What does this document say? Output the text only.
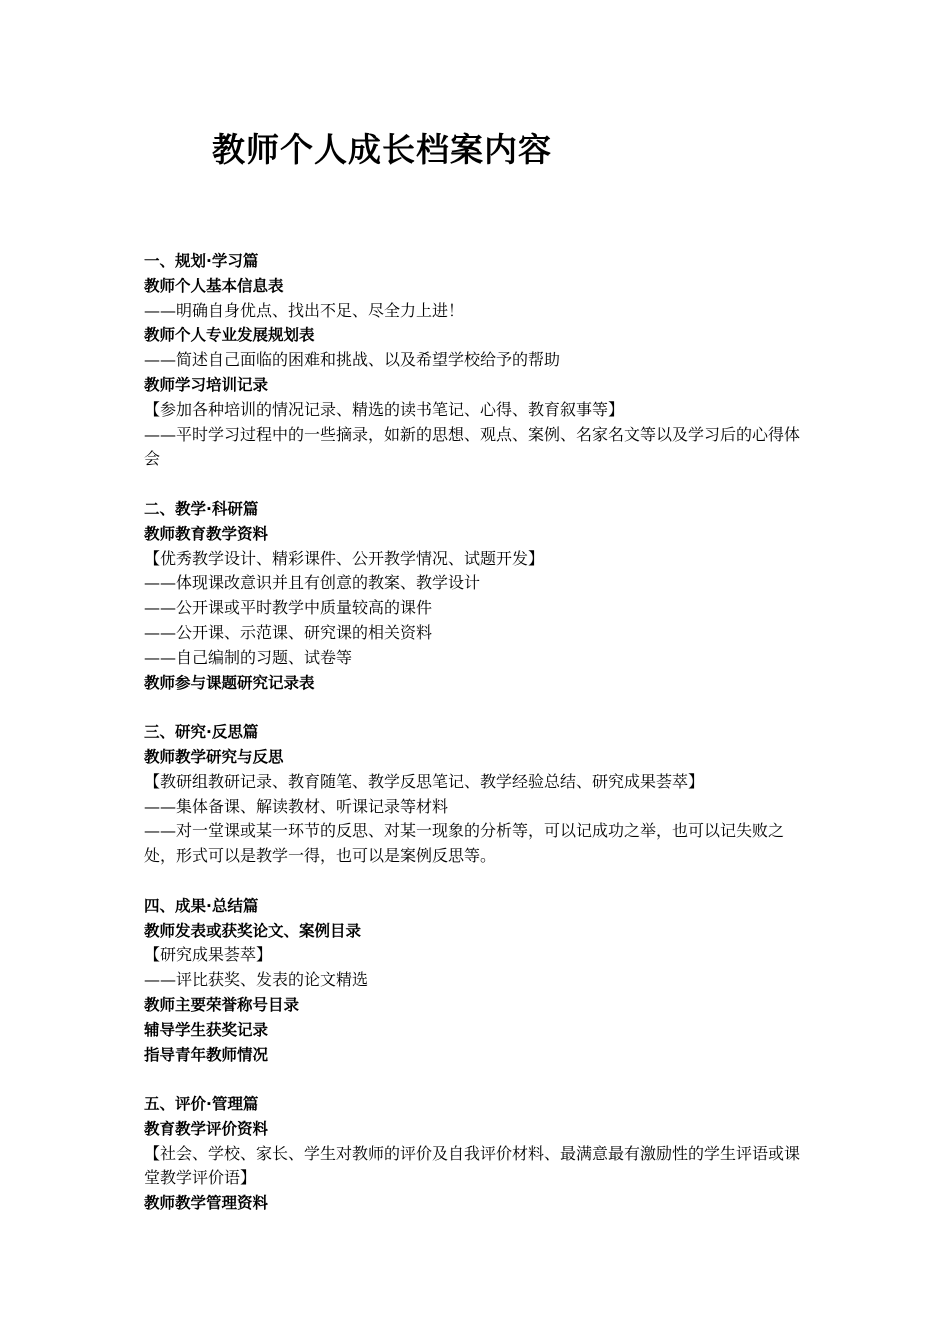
教师个人成长档案内容
一、规划·学习篇
教师个人基本信息表
——明确自身优点、找出不足、尽全力上进！
教师个人专业发展规划表
——简述自己面临的困难和挑战、以及希望学校给予的帮助
教师学习培训记录
【参加各种培训的情况记录、精选的读书笔记、心得、教育叙事等】
——平时学习过程中的一些摘录，如新的思想、观点、案例、名家名文等以及学习后的心得体会
二、教学·科研篇
教师教育教学资料
【优秀教学设计、精彩课件、公开教学情况、试题开发】
——体现课改意识并且有创意的教案、教学设计
——公开课或平时教学中质量较高的课件
——公开课、示范课、研究课的相关资料
——自己编制的习题、试卷等
教师参与课题研究记录表
三、研究·反思篇
教师教学研究与反思
【教研组教研记录、教育随笔、教学反思笔记、教学经验总结、研究成果荟萃】
——集体备课、解读教材、听课记录等材料
——对一堂课或某一环节的反思、对某一现象的分析等，可以记成功之举，也可以记失败之处，形式可以是教学一得，也可以是案例反思等。
四、成果·总结篇
教师发表或获奖论文、案例目录
【研究成果荟萃】
——评比获奖、发表的论文精选
教师主要荣誉称号目录
辅导学生获奖记录
指导青年教师情况
五、评价·管理篇
教育教学评价资料
【社会、学校、家长、学生对教师的评价及自我评价材料、最满意最有激励性的学生评语或课堂教学评价语】
教师教学管理资料
